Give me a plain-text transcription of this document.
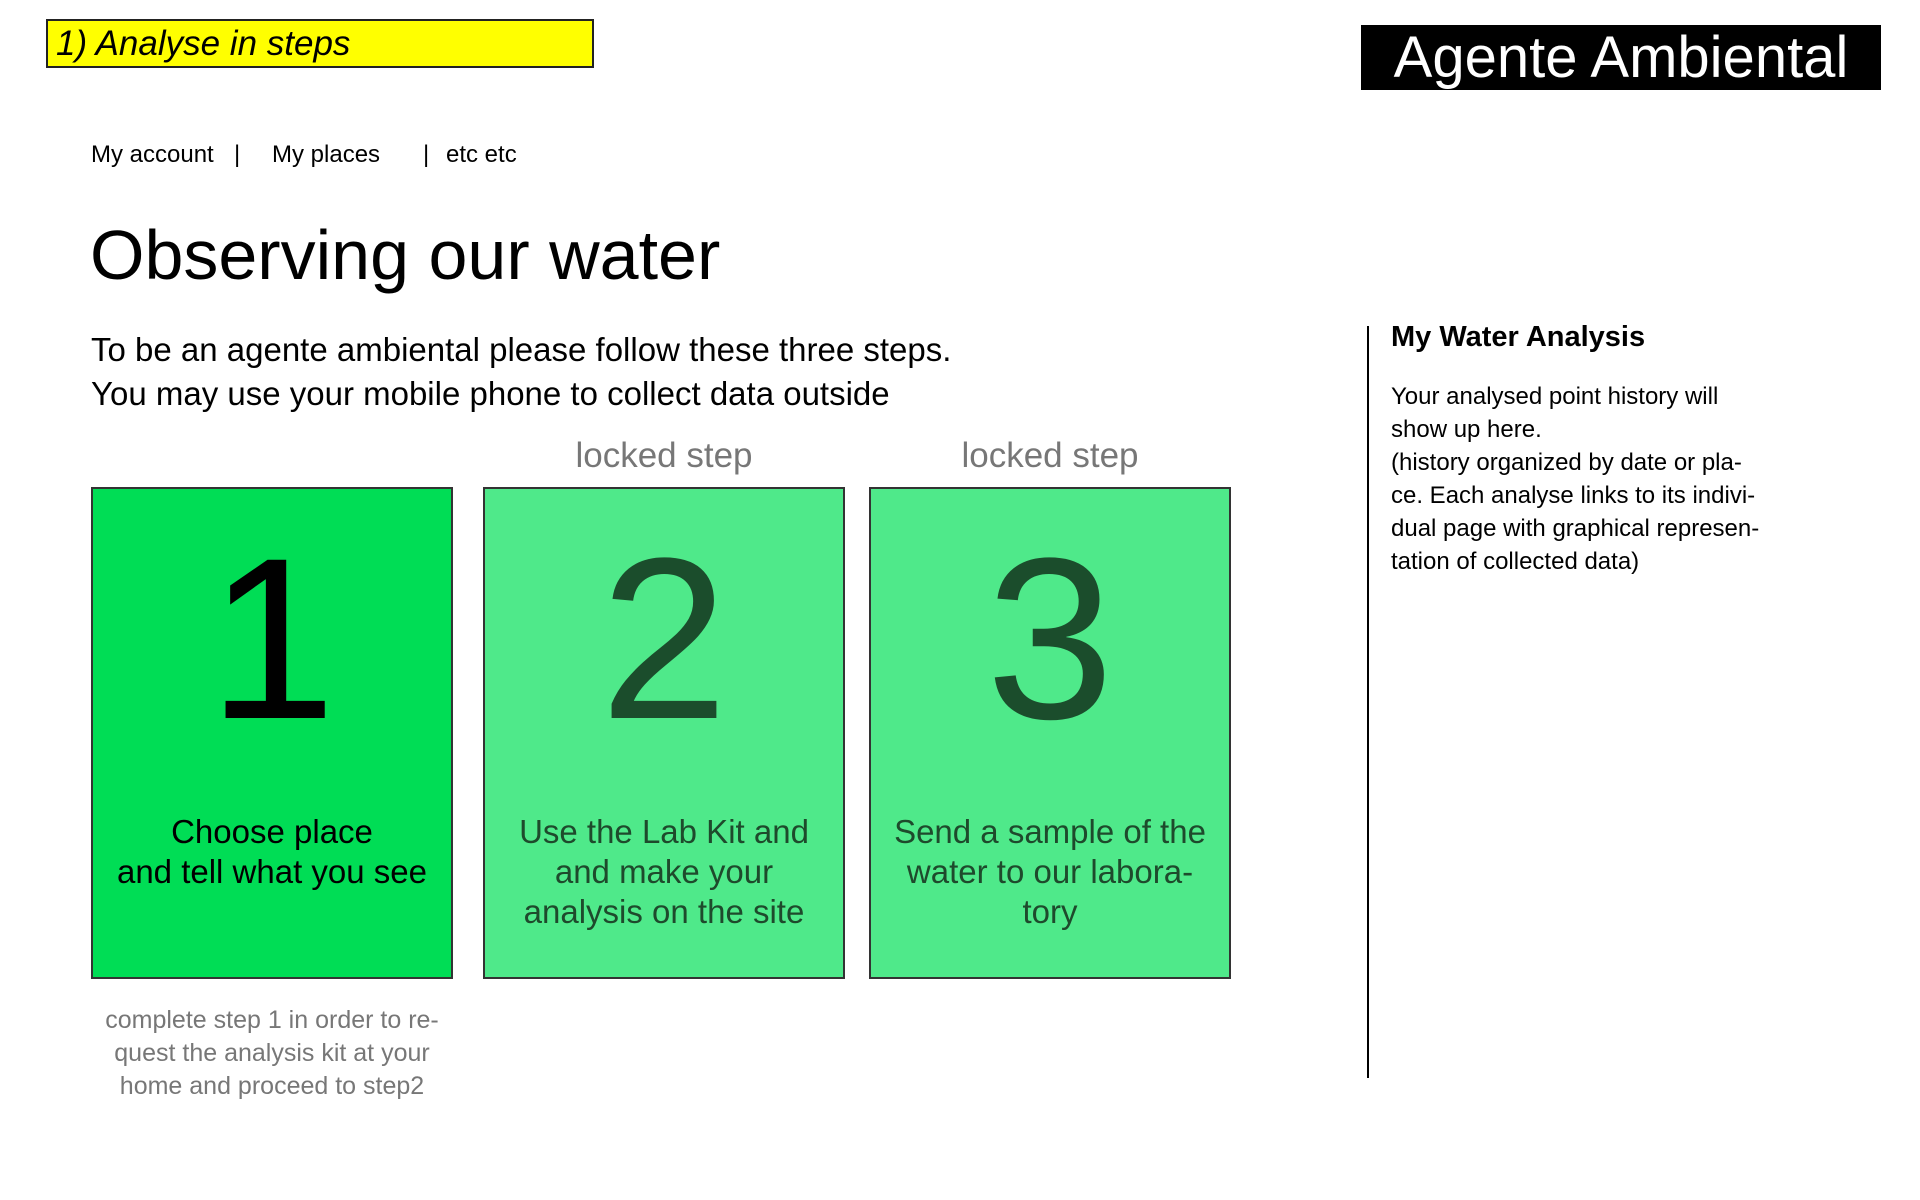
1) Analyse in steps	Agente Ambiental
My account | My places | etc etc
Observing our water
To be an agente ambiental please follow these three steps.
You may use your mobile phone to collect data outside
locked step	locked step
1
Choose place
and tell what you see
2
Use the Lab Kit and
and make your
analysis on the site
3
Send a sample of the
water to our labora-
tory
complete step 1 in order to re-
quest the analysis kit at your
home and proceed to step2
My Water Analysis
Your analysed point history will
show up here.
(history organized by date or pla-
ce. Each analyse links to its indivi-
dual page with graphical represen-
tation of collected data)
